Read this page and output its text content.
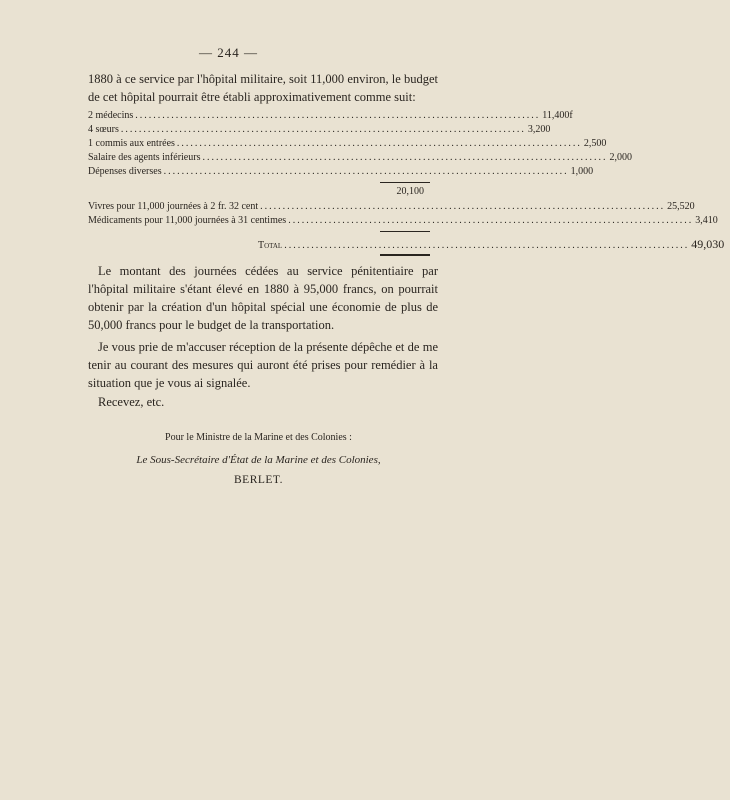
— 244 —

1880 à ce service par l'hôpital militaire, soit 11,000 environ, le budget de cet hôpital pourrait être établi approximativement comme suit:

2 médecins .......................................................................................... 11,400f
4 sœurs .......................................................................................... 3,200
1 commis aux entrées .......................................................................................... 2,500
Salaire des agents inférieurs .......................................................................................... 2,000
Dépenses diverses .......................................................................................... 1,000
20,100
Vivres pour 11,000 journées à 2 fr. 32 cent .......................................................................................... 25,520
Médicaments pour 11,000 journées à 31 centimes .......................................................................................... 3,410
Total .......................................................................................... 49,030

Le montant des journées cédées au service pénitentiaire par l'hôpital militaire s'étant élevé en 1880 à 95,000 francs, on pourrait obtenir par la création d'un hôpital spécial une économie de plus de 50,000 francs pour le budget de la transportation.

Je vous prie de m'accuser réception de la présente dépêche et de me tenir au courant des mesures qui auront été prises pour remédier à la situation que je vous ai signalée.

Recevez, etc.

Pour le Ministre de la Marine et des Colonies :
Le Sous-Secrétaire d'État de la Marine et des Colonies,
BERLET.
